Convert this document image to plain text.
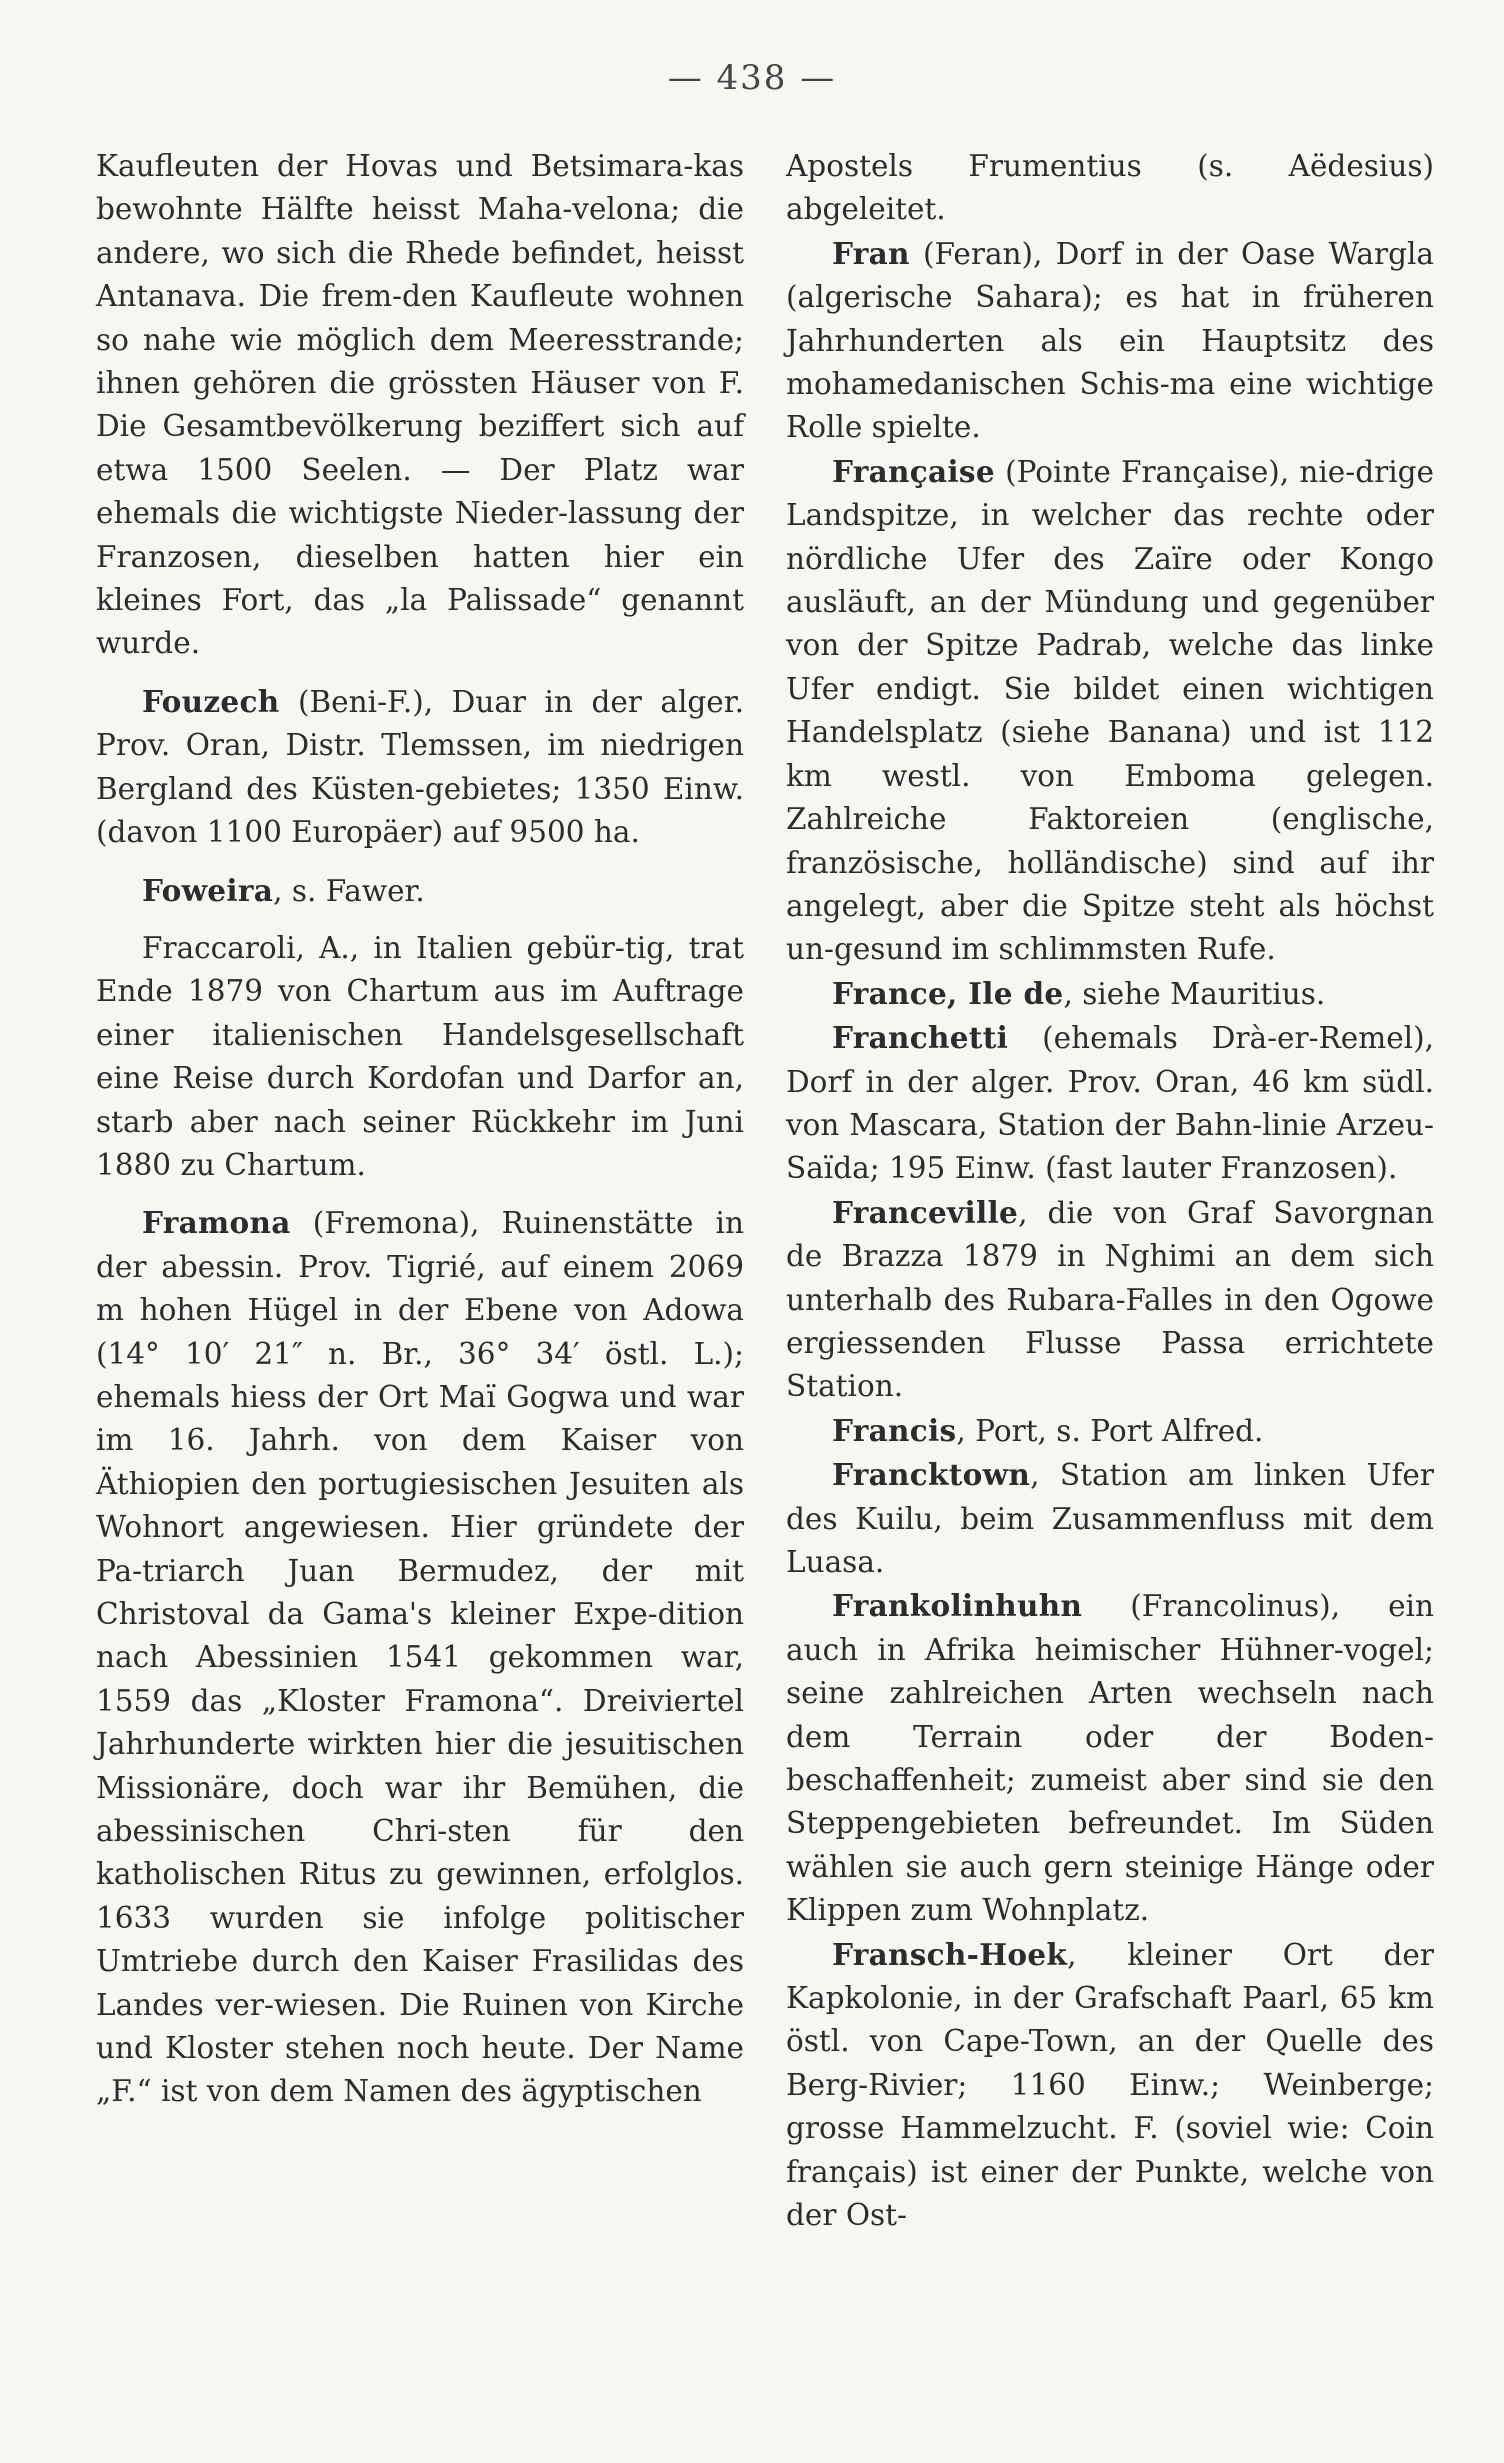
— 438 —

Kaufleuten der Hovas und Betsimara-kas bewohnte Hälfte heisst Maha-velona; die andere, wo sich die Rhede befindet, heisst Antanava. Die frem-den Kaufleute wohnen so nahe wie möglich dem Meeresstrande; ihnen gehören die grössten Häuser von F. Die Gesamtbevölkerung beziffert sich auf etwa 1500 Seelen. — Der Platz war ehemals die wichtigste Nieder-lassung der Franzosen, dieselben hatten hier ein kleines Fort, das „la Palissade“ genannt wurde.

Fouzech (Beni-F.), Duar in der alger. Prov. Oran, Distr. Tlemssen, im niedrigen Bergland des Küsten-gebietes; 1350 Einw. (davon 1100 Europäer) auf 9500 ha.

Foweira, s. Fawer.

Fraccaroli, A., in Italien gebür-tig, trat Ende 1879 von Chartum aus im Auftrage einer italienischen Handelsgesellschaft eine Reise durch Kordofan und Darfor an, starb aber nach seiner Rückkehr im Juni 1880 zu Chartum.

Framona (Fremona), Ruinenstätte in der abessin. Prov. Tigrié, auf einem 2069 m hohen Hügel in der Ebene von Adowa (14° 10′ 21″ n. Br., 36° 34′ östl. L.); ehemals hiess der Ort Maï Gogwa und war im 16. Jahrh. von dem Kaiser von Äthiopien den portugiesischen Jesuiten als Wohnort angewiesen. Hier gründete der Pa-triarch Juan Bermudez, der mit Christoval da Gama's kleiner Expe-dition nach Abessinien 1541 gekommen war, 1559 das „Kloster Framona“. Dreiviertel Jahrhunderte wirkten hier die jesuitischen Missionäre, doch war ihr Bemühen, die abessinischen Chri-sten für den katholischen Ritus zu gewinnen, erfolglos. 1633 wurden sie infolge politischer Umtriebe durch den Kaiser Frasilidas des Landes ver-wiesen. Die Ruinen von Kirche und Kloster stehen noch heute. Der Name „F.“ ist von dem Namen des ägyptischen

Apostels Frumentius (s. Aëdesius) abgeleitet.

Fran (Feran), Dorf in der Oase Wargla (algerische Sahara); es hat in früheren Jahrhunderten als ein Hauptsitz des mohamedanischen Schis-ma eine wichtige Rolle spielte.

Française (Pointe Française), nie-drige Landspitze, in welcher das rechte oder nördliche Ufer des Zaïre oder Kongo ausläuft, an der Mündung und gegenüber von der Spitze Padrab, welche das linke Ufer endigt. Sie bildet einen wichtigen Handelsplatz (siehe Banana) und ist 112 km westl. von Emboma gelegen. Zahlreiche Faktoreien (englische, französische, holländische) sind auf ihr angelegt, aber die Spitze steht als höchst un-gesund im schlimmsten Rufe.

France, Ile de, siehe Mauritius.

Franchetti (ehemals Drà-er-Remel), Dorf in der alger. Prov. Oran, 46 km südl. von Mascara, Station der Bahn-linie Arzeu-Saïda; 195 Einw. (fast lauter Franzosen).

Franceville, die von Graf Savorgnan de Brazza 1879 in Nghimi an dem sich unterhalb des Rubara-Falles in den Ogowe ergiessenden Flusse Passa errichtete Station.

Francis, Port, s. Port Alfred.

Francktown, Station am linken Ufer des Kuilu, beim Zusammenfluss mit dem Luasa.

Frankolinhuhn (Francolinus), ein auch in Afrika heimischer Hühner-vogel; seine zahlreichen Arten wechseln nach dem Terrain oder der Boden-beschaffenheit; zumeist aber sind sie den Steppengebieten befreundet. Im Süden wählen sie auch gern steinige Hänge oder Klippen zum Wohnplatz.

Fransch-Hoek, kleiner Ort der Kapkolonie, in der Grafschaft Paarl, 65 km östl. von Cape-Town, an der Quelle des Berg-Rivier; 1160 Einw.; Weinberge; grosse Hammelzucht. F. (soviel wie: Coin français) ist einer der Punkte, welche von der Ost-
